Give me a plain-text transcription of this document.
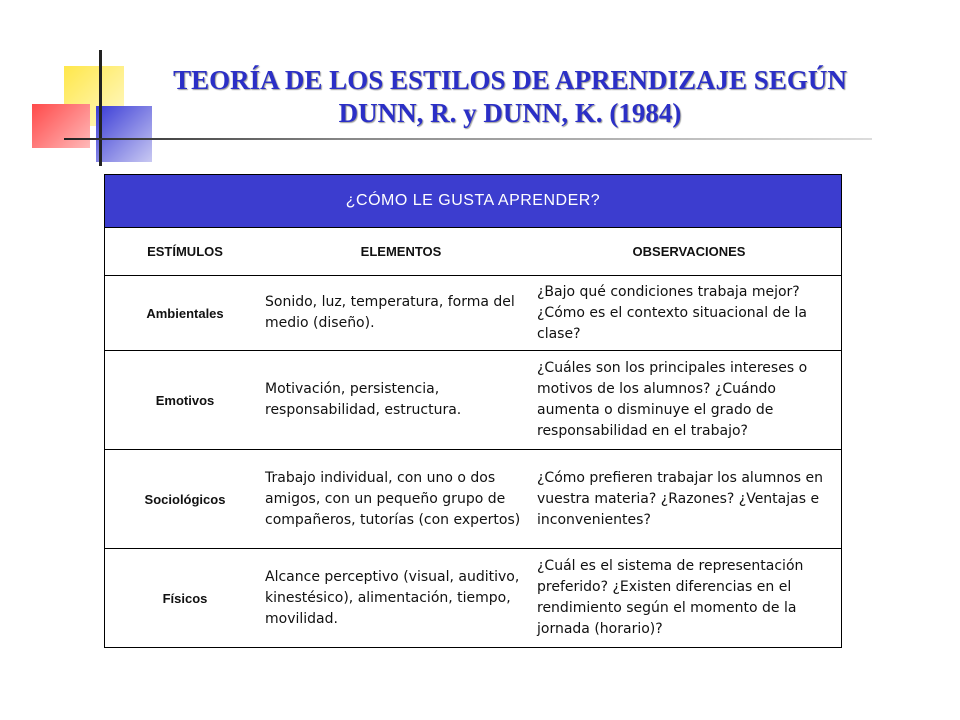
TEORÍA DE LOS ESTILOS DE APRENDIZAJE SEGÚN
DUNN, R. y DUNN, K. (1984)
¿CÓMO LE GUSTA APRENDER?		
ESTÍMULOS	ELEMENTOS	OBSERVACIONES
Ambientales	Sonido, luz, temperatura, forma del medio (diseño).	¿Bajo qué condiciones trabaja mejor? ¿Cómo es el contexto situacional de la clase?
Emotivos	Motivación, persistencia, responsabilidad, estructura.	¿Cuáles son los principales intereses o motivos de los alumnos? ¿Cuándo aumenta o disminuye el grado de responsabilidad en el trabajo?
Sociológicos	Trabajo individual, con uno o dos amigos, con un pequeño grupo de compañeros, tutorías (con expertos)	¿Cómo prefieren trabajar los alumnos en vuestra materia? ¿Razones? ¿Ventajas e inconvenientes?
Físicos	Alcance perceptivo (visual, auditivo, kinestésico), alimentación, tiempo, movilidad.	¿Cuál es el sistema de representación preferido? ¿Existen diferencias en el rendimiento según el momento de la jornada (horario)?
